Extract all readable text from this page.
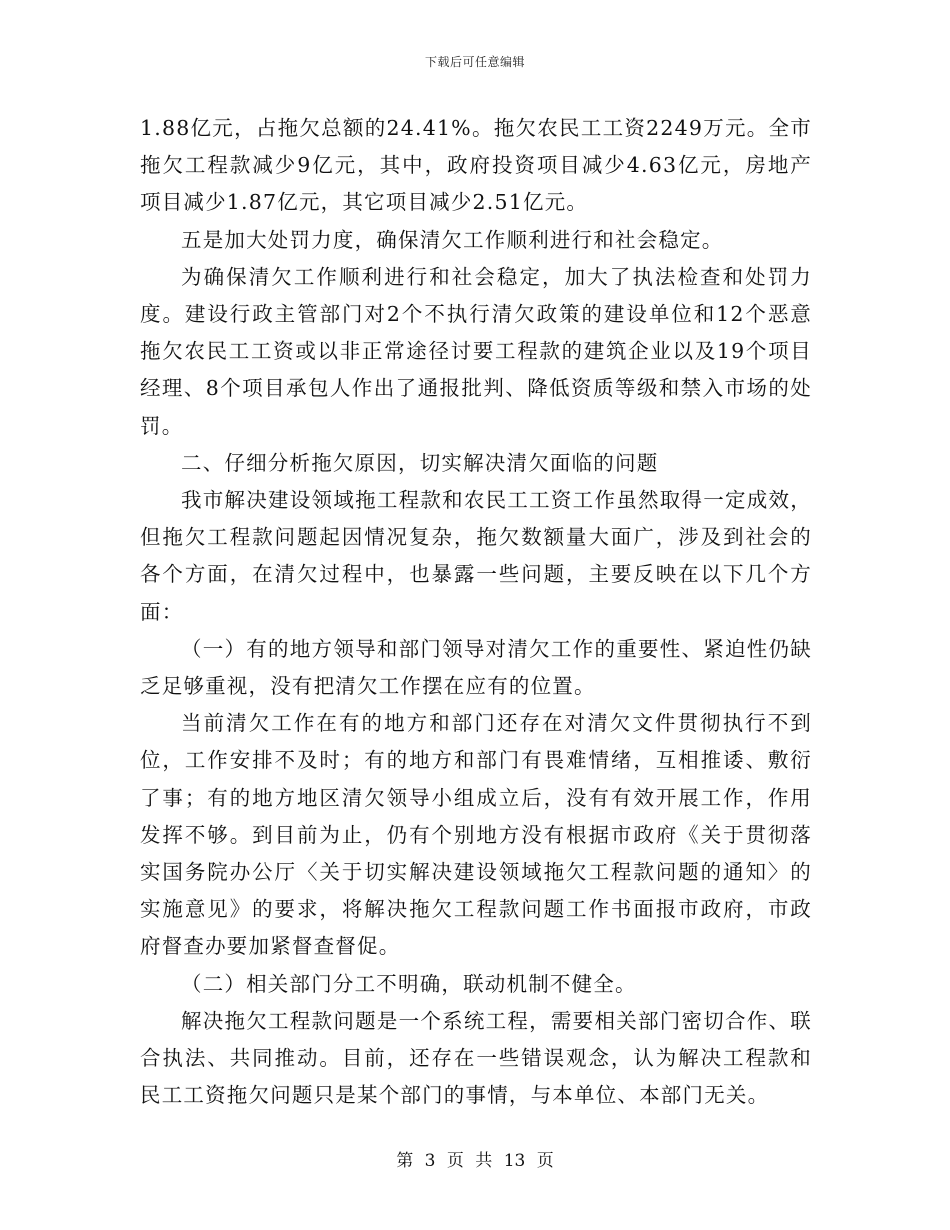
下载后可任意编辑

1.88亿元，占拖欠总额的24.41%。拖欠农民工工资2249万元。全市拖欠工程款减少9亿元，其中，政府投资项目减少4.63亿元，房地产项目减少1.87亿元，其它项目减少2.51亿元。

五是加大处罚力度，确保清欠工作顺利进行和社会稳定。

为确保清欠工作顺利进行和社会稳定，加大了执法检查和处罚力度。建设行政主管部门对2个不执行清欠政策的建设单位和12个恶意拖欠农民工工资或以非正常途径讨要工程款的建筑企业以及19个项目经理、8个项目承包人作出了通报批判、降低资质等级和禁入市场的处罚。

二、仔细分析拖欠原因，切实解决清欠面临的问题

我市解决建设领域拖工程款和农民工工资工作虽然取得一定成效，但拖欠工程款问题起因情况复杂，拖欠数额量大面广，涉及到社会的各个方面，在清欠过程中，也暴露一些问题，主要反映在以下几个方面：

（一）有的地方领导和部门领导对清欠工作的重要性、紧迫性仍缺乏足够重视，没有把清欠工作摆在应有的位置。

当前清欠工作在有的地方和部门还存在对清欠文件贯彻执行不到位，工作安排不及时；有的地方和部门有畏难情绪，互相推诿、敷衍了事；有的地方地区清欠领导小组成立后，没有有效开展工作，作用发挥不够。到目前为止，仍有个别地方没有根据市政府《关于贯彻落实国务院办公厅〈关于切实解决建设领域拖欠工程款问题的通知〉的实施意见》的要求，将解决拖欠工程款问题工作书面报市政府，市政府督查办要加紧督查督促。

（二）相关部门分工不明确，联动机制不健全。

解决拖欠工程款问题是一个系统工程，需要相关部门密切合作、联合执法、共同推动。目前，还存在一些错误观念，认为解决工程款和民工工资拖欠问题只是某个部门的事情，与本单位、本部门无关。

第 3 页 共 13 页
